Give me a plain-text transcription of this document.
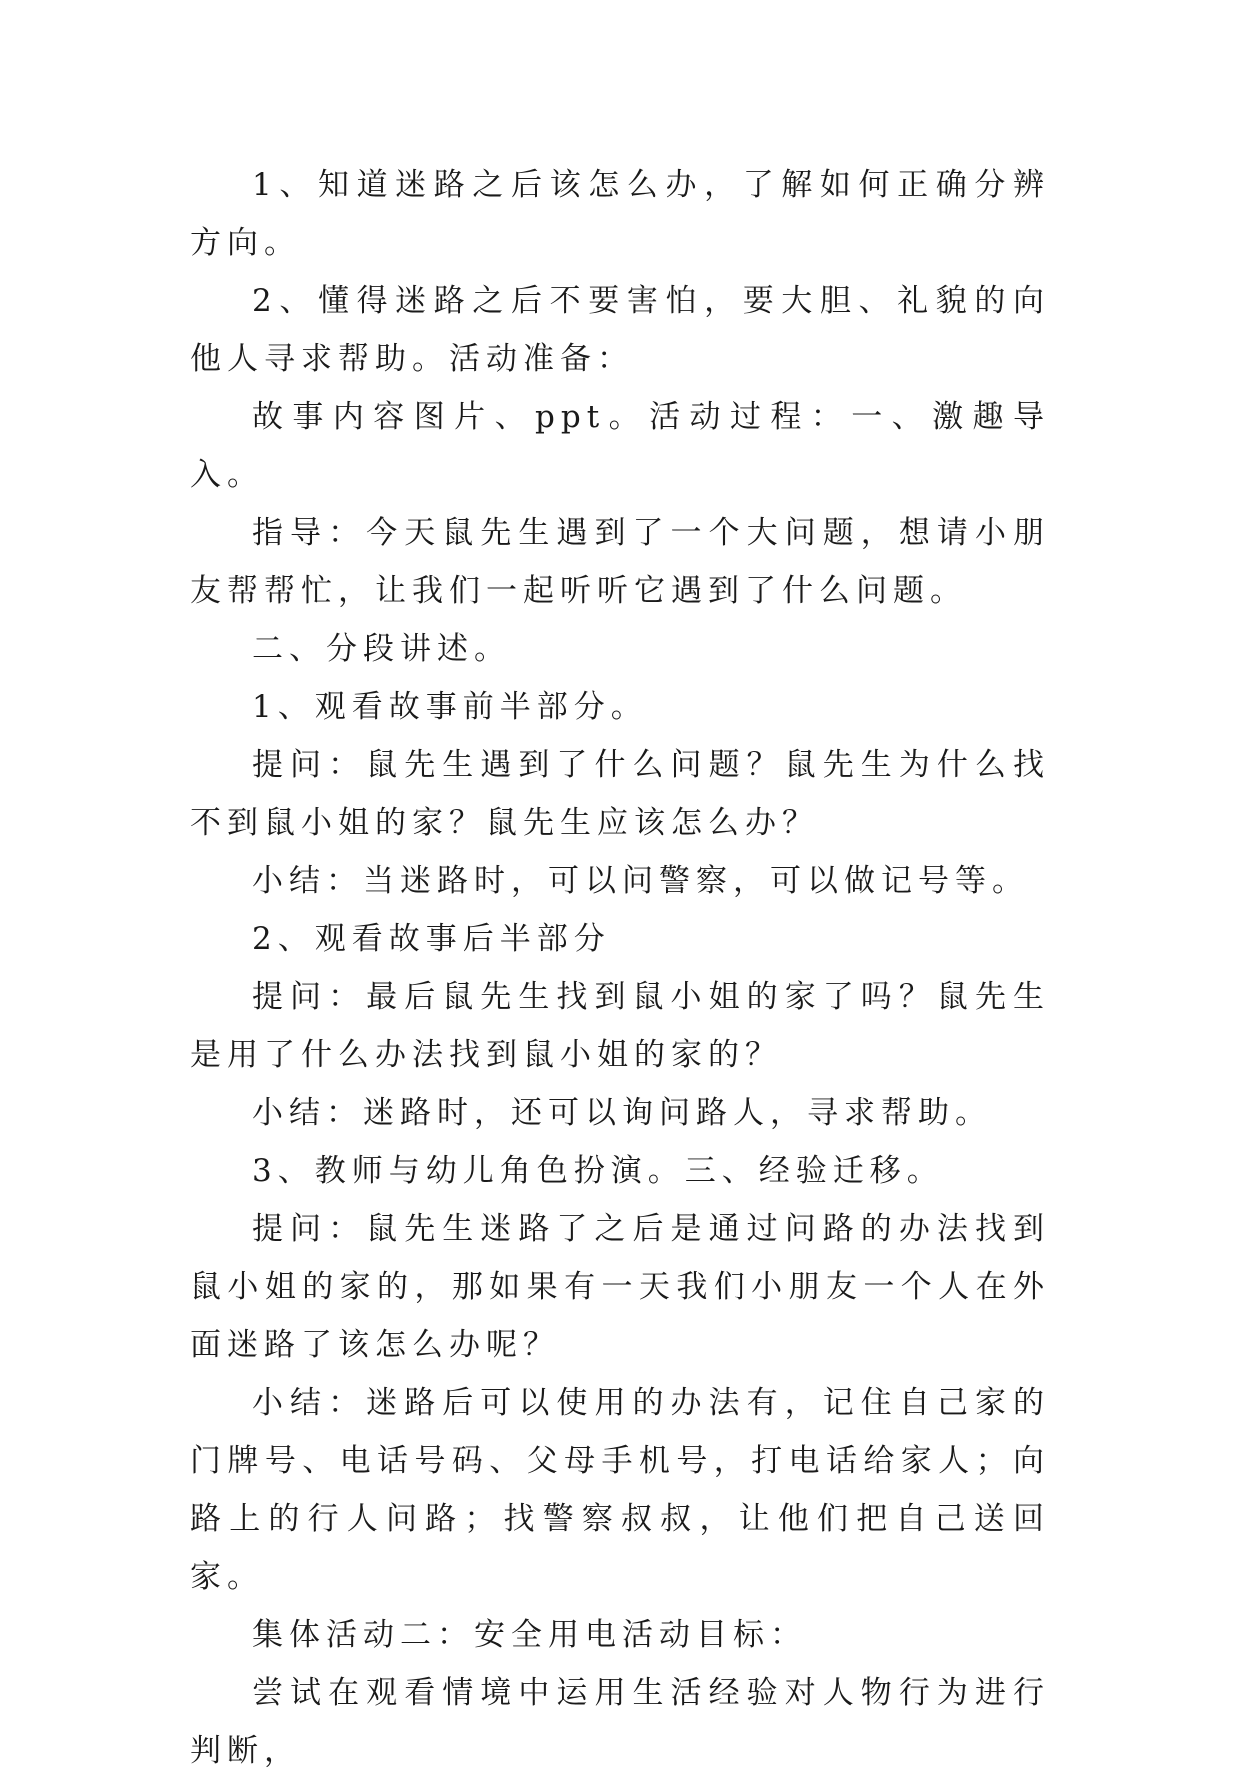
1、知道迷路之后该怎么办，了解如何正确分辨方向。

2、懂得迷路之后不要害怕，要大胆、礼貌的向他人寻求帮助。活动准备：

故事内容图片、ppt。活动过程：一、激趣导入。

指导：今天鼠先生遇到了一个大问题，想请小朋友帮帮忙，让我们一起听听它遇到了什么问题。

二、分段讲述。

1、观看故事前半部分。

提问：鼠先生遇到了什么问题？鼠先生为什么找不到鼠小姐的家？鼠先生应该怎么办？

小结：当迷路时，可以问警察，可以做记号等。

2、观看故事后半部分

提问：最后鼠先生找到鼠小姐的家了吗？鼠先生是用了什么办法找到鼠小姐的家的？

小结：迷路时，还可以询问路人，寻求帮助。

3、教师与幼儿角色扮演。三、经验迁移。

提问：鼠先生迷路了之后是通过问路的办法找到鼠小姐的家的，那如果有一天我们小朋友一个人在外面迷路了该怎么办呢？

小结：迷路后可以使用的办法有，记住自己家的门牌号、电话号码、父母手机号，打电话给家人；向路上的行人问路；找警察叔叔，让他们把自己送回家。

集体活动二：安全用电活动目标：

尝试在观看情境中运用生活经验对人物行为进行判断，
